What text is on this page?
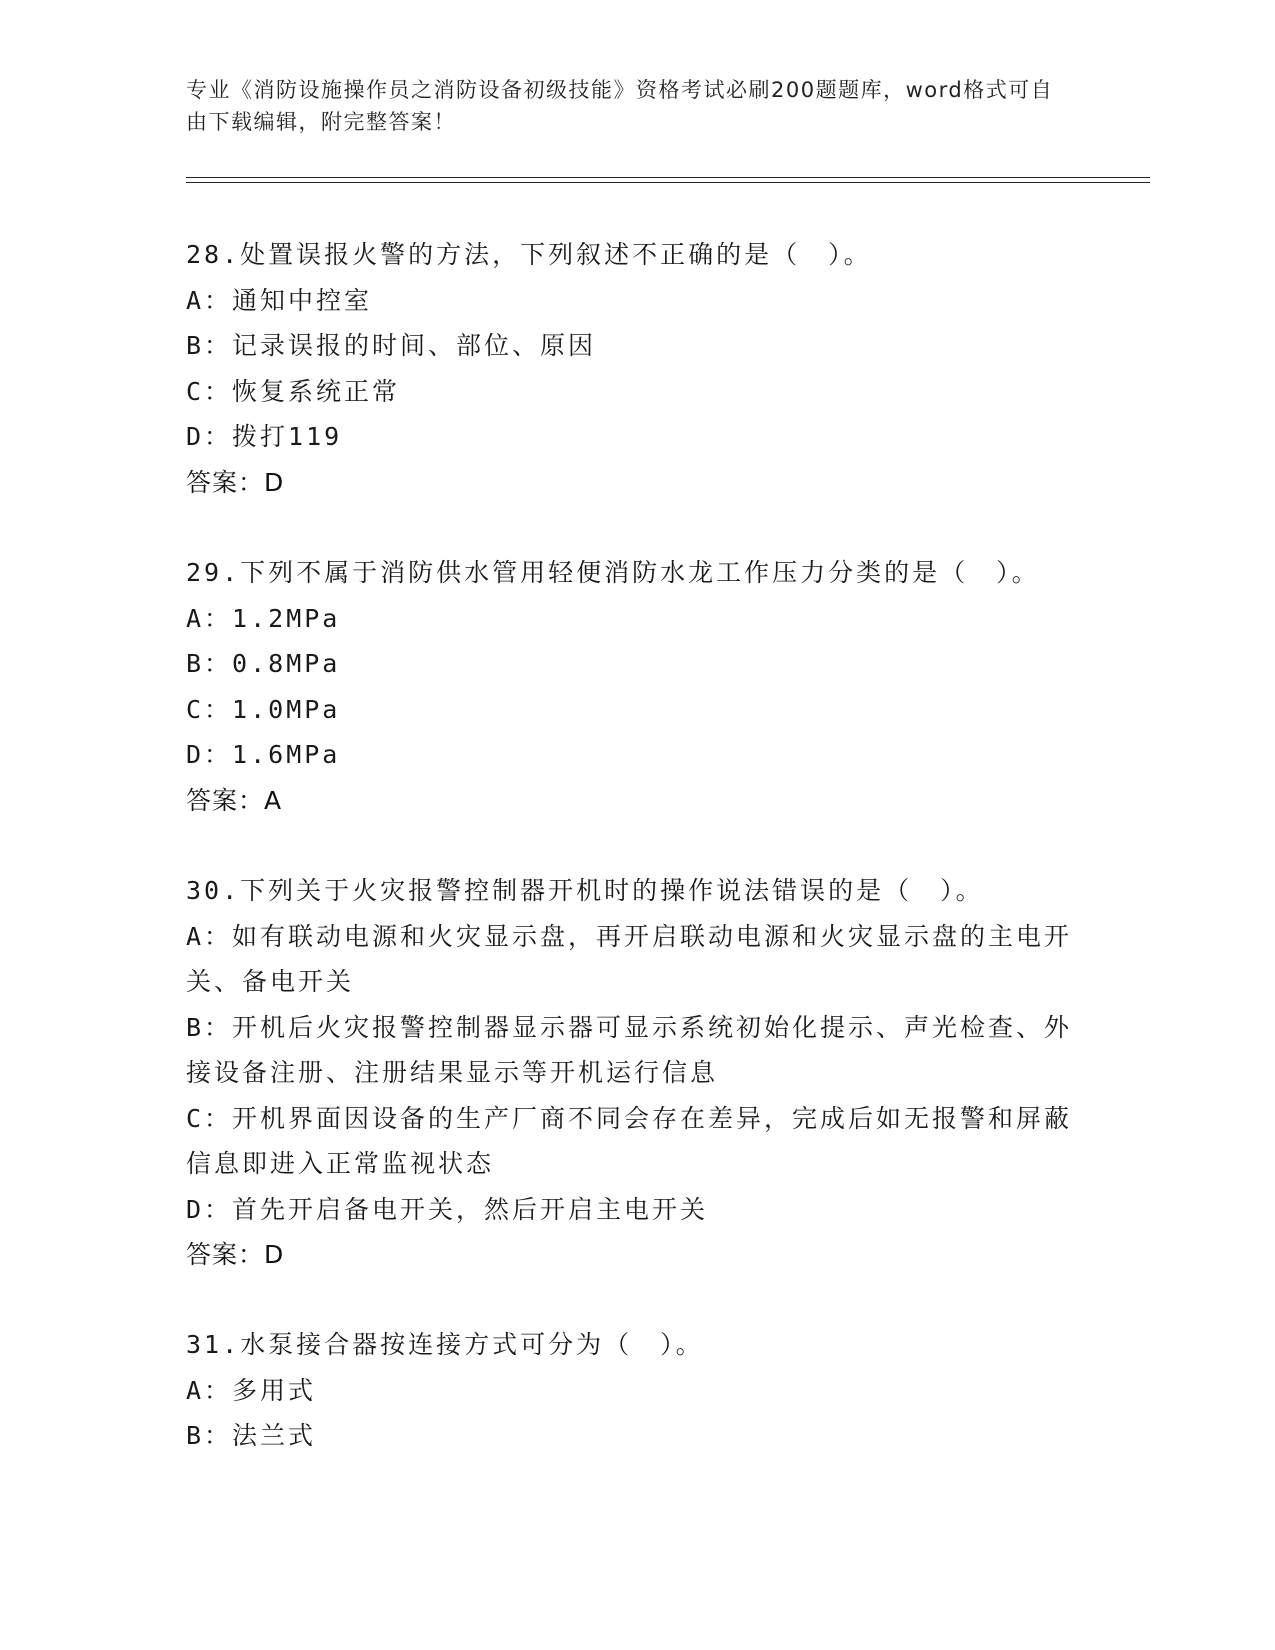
专业《消防设施操作员之消防设备初级技能》资格考试必刷200题题库，word格式可自由下载编辑，附完整答案！
28.处置误报火警的方法，下列叙述不正确的是（　）。
A：通知中控室
B：记录误报的时间、部位、原因
C：恢复系统正常
D：拨打119
答案：D
29.下列不属于消防供水管用轻便消防水龙工作压力分类的是（　）。
A：1.2MPa
B：0.8MPa
C：1.0MPa
D：1.6MPa
答案：A
30.下列关于火灾报警控制器开机时的操作说法错误的是（　）。
A：如有联动电源和火灾显示盘，再开启联动电源和火灾显示盘的主电开关、备电开关
B：开机后火灾报警控制器显示器可显示系统初始化提示、声光检查、外接设备注册、注册结果显示等开机运行信息
C：开机界面因设备的生产厂商不同会存在差异，完成后如无报警和屏蔽信息即进入正常监视状态
D：首先开启备电开关，然后开启主电开关
答案：D
31.水泵接合器按连接方式可分为（　）。
A：多用式
B：法兰式
